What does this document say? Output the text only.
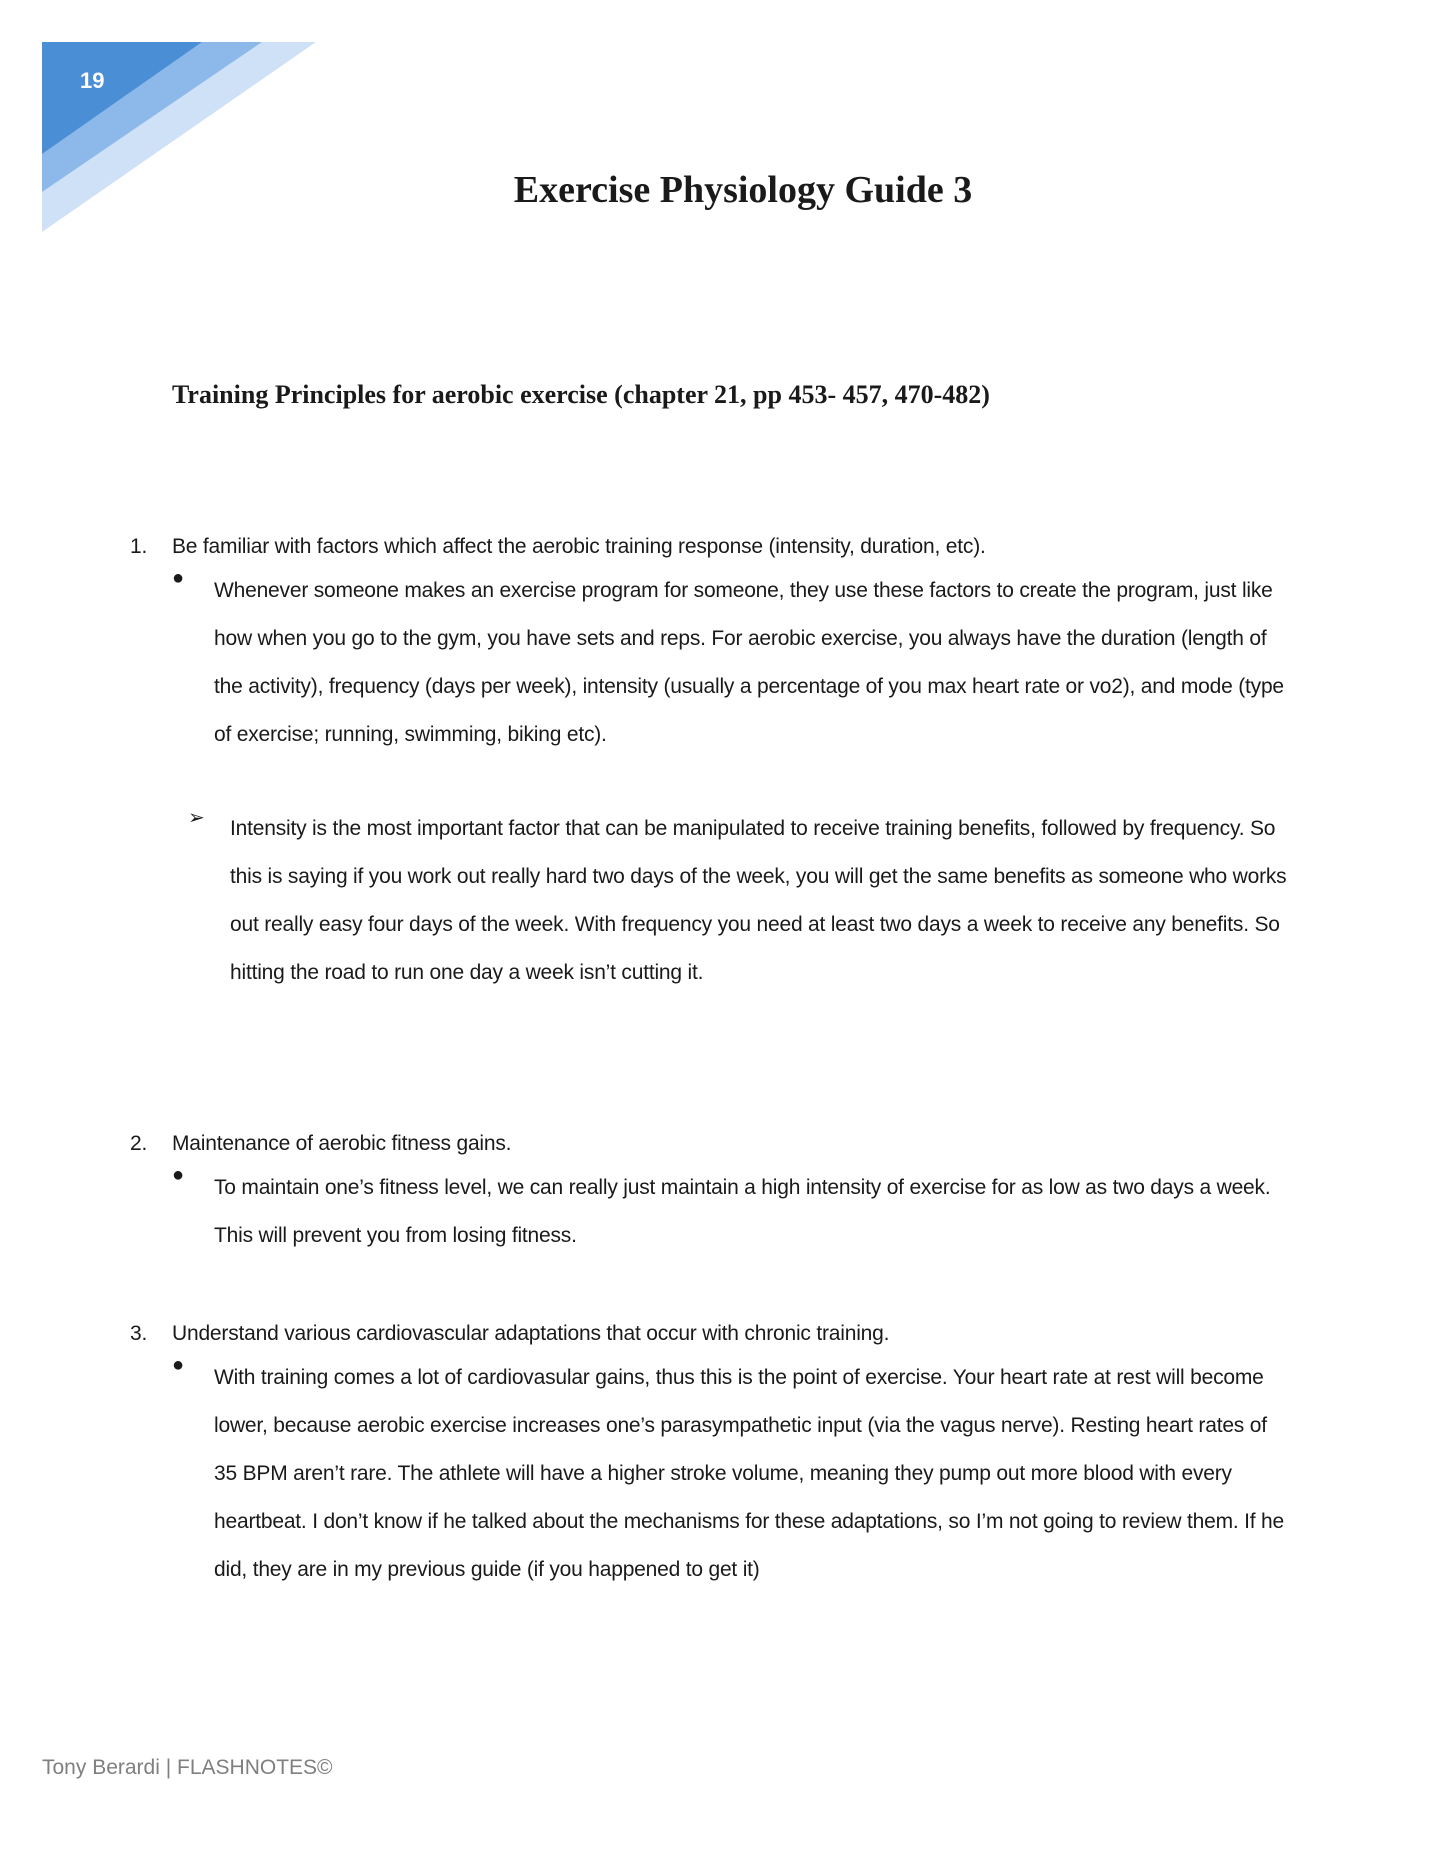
19
Exercise Physiology Guide 3
Training Principles for aerobic exercise (chapter 21, pp 453- 457, 470-482)
1.	Be familiar with factors which affect the aerobic training response (intensity, duration, etc).
●
Whenever someone makes an exercise program for someone, they use these factors to create the program, just like how when you go to the gym, you have sets and reps. For aerobic exercise, you always have the duration (length of the activity), frequency (days per week), intensity (usually a percentage of you max heart rate or vo2), and mode (type of exercise; running, swimming, biking etc).
➢	Intensity is the most important factor that can be manipulated to receive training benefits, followed by frequency. So this is saying if you work out really hard two days of the week, you will get the same benefits as someone who works out really easy four days of the week. With frequency you need at least two days a week to receive any benefits. So hitting the road to run one day a week isn’t cutting it.
2.	Maintenance of aerobic fitness gains.
●
To maintain one’s fitness level, we can really just maintain a high intensity of exercise for as low as two days a week. This will prevent you from losing fitness.
3.	Understand various cardiovascular adaptations that occur with chronic training.
●
With training comes a lot of cardiovasular gains, thus this is the point of exercise. Your heart rate at rest will become lower, because aerobic exercise increases one’s parasympathetic input (via the vagus nerve). Resting heart rates of 35 BPM aren’t rare. The athlete will have a higher stroke volume, meaning they pump out more blood with every heartbeat. I don’t know if he talked about the mechanisms for these adaptations, so I’m not going to review them. If he did, they are in my previous guide (if you happened to get it)
Tony Berardi | FLASHNOTES©
